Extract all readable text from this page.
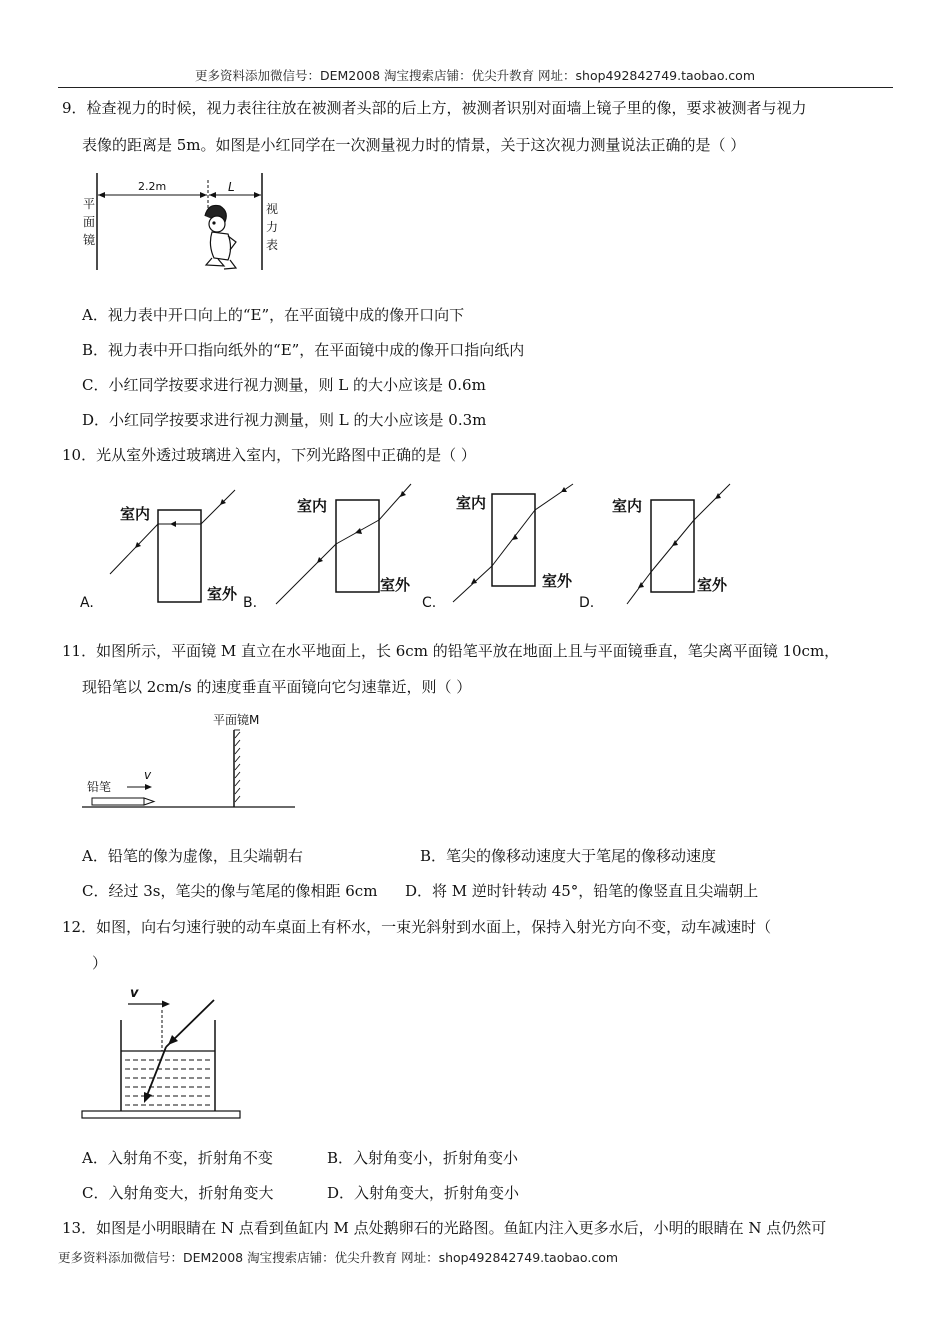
更多资料添加微信号：DEM2008 淘宝搜索店铺：优尖升教育 网址：shop492842749.taobao.com
9．检查视力的时候，视力表往往放在被测者头部的后上方，被测者识别对面墙上镜子里的像，要求被测者与视力
表像的距离是 5m。如图是小红同学在一次测量视力时的情景，关于这次视力测量说法正确的是（ ）
2.2m	L
平
面
镜
视
力
表
A．视力表中开口向上的“E”，在平面镜中成的像开口向下
B．视力表中开口指向纸外的“E”，在平面镜中成的像开口指向纸内
C．小红同学按要求进行视力测量，则 L 的大小应该是 0.6m
D．小红同学按要求进行视力测量，则 L 的大小应该是 0.3m
10．光从室外透过玻璃进入室内，下列光路图中正确的是（ ）
室内
室外
A.
室内
室外
B.
室内
室外
C.
室内
室外
D.
11．如图所示，平面镜 M 直立在水平地面上，长 6cm 的铅笔平放在地面上且与平面镜垂直，笔尖离平面镜 10cm，
现铅笔以 2cm/s 的速度垂直平面镜向它匀速靠近，则（ ）
平面镜M
铅笔
v
A．铅笔的像为虚像，且尖端朝右	B．笔尖的像移动速度大于笔尾的像移动速度
C．经过 3s，笔尖的像与笔尾的像相距 6cm D．将 M 逆时针转动 45°，铅笔的像竖直且尖端朝上
12．如图，向右匀速行驶的动车桌面上有杯水，一束光斜射到水面上，保持入射光方向不变，动车减速时（
）
v
A．入射角不变，折射角不变	B．入射角变小，折射角变小
C．入射角变大，折射角变大	D．入射角变大，折射角变小
13．如图是小明眼睛在 N 点看到鱼缸内 M 点处鹅卵石的光路图。鱼缸内注入更多水后，小明的眼睛在 N 点仍然可
更多资料添加微信号：DEM2008 淘宝搜索店铺：优尖升教育 网址：shop492842749.taobao.com
